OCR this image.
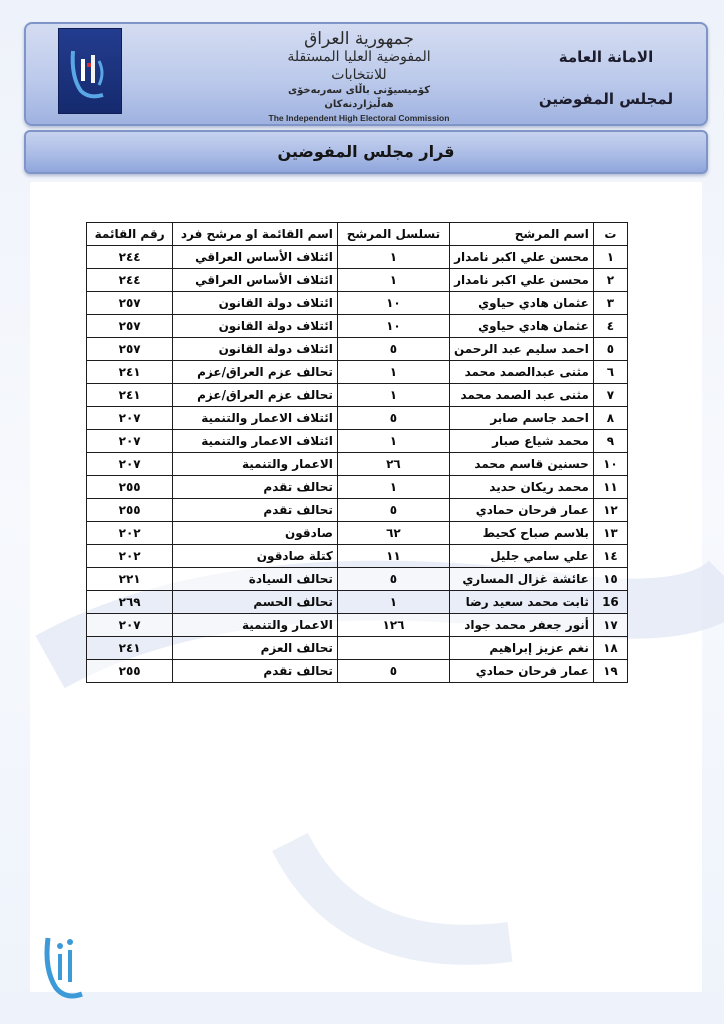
جمهورية العراق
المفوضية العليا المستقلة للانتخابات
كۆمیسیۆنی باڵای سەربەخۆی هەڵبژاردنەکان
The Independent High Electoral Commission
الامانة العامة
لمجلس المفوضين
قرار مجلس المفوضين
ت	اسم المرشح	تسلسل المرشح	اسم القائمة او مرشح فرد	رقم القائمة
١	محسن علي اكبر نامدار	١	ائتلاف الأساس العراقي	٢٤٤
٢	محسن علي اكبر نامدار	١	ائتلاف الأساس العراقي	٢٤٤
٣	عثمان هادي حياوي	١٠	ائتلاف دولة القانون	٢٥٧
٤	عثمان هادي حياوي	١٠	ائتلاف دولة القانون	٢٥٧
٥	احمد سليم عبد الرحمن	٥	ائتلاف دولة القانون	٢٥٧
٦	مثنى عبدالصمد محمد	١	تحالف عزم العراق/عزم	٢٤١
٧	مثنى عبد الصمد محمد	١	تحالف عزم العراق/عزم	٢٤١
٨	احمد جاسم صابر	٥	ائتلاف الاعمار والتنمية	٢٠٧
٩	محمد شياع صبار	١	ائتلاف الاعمار والتنمية	٢٠٧
١٠	حسنين قاسم محمد	٢٦	الاعمار والتنمية	٢٠٧
١١	محمد ريكان حديد	١	تحالف تقدم	٢٥٥
١٢	عمار فرحان حمادي	٥	تحالف تقدم	٢٥٥
١٣	بلاسم صباح كحيط	٦٢	صادقون	٢٠٢
١٤	علي سامي جليل	١١	كتلة صادقون	٢٠٢
١٥	عائشة غزال المساري	٥	تحالف السيادة	٢٢١
16	ثابت محمد سعيد رضا	١	تحالف الحسم	٢٦٩
١٧	أنور جعفر محمد جواد	١٢٦	الاعمار والتنمية	٢٠٧
١٨	نغم عزيز إبراهيم		تحالف العزم	٢٤١
١٩	عمار فرحان حمادي	٥	تحالف تقدم	٢٥٥
